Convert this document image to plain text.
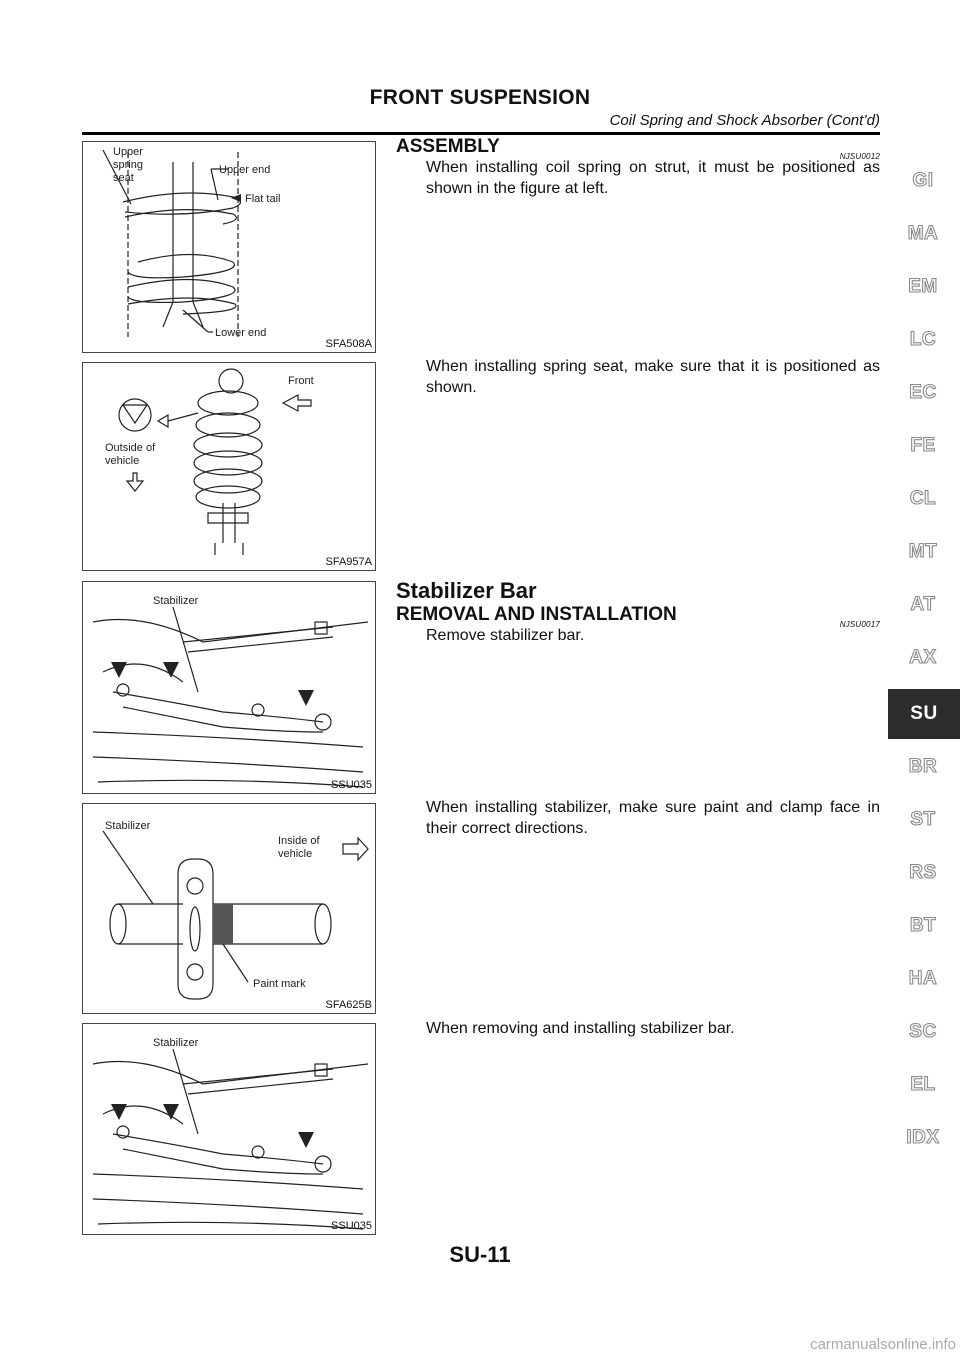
FRONT SUSPENSION
Coil Spring and Shock Absorber (Cont’d)
Upper
spring
seat
Upper end
Flat tail
Lower end
SFA508A
Front
Outside of
vehicle
SFA957A
Stabilizer
SSU035
Stabilizer
Inside of
vehicle
Paint mark
SFA625B
Stabilizer
SSU035
ASSEMBLY	NJSU0012
When installing coil spring on strut, it must be positioned as shown in the figure at left.
When installing spring seat, make sure that it is positioned as shown.
Stabilizer Bar
REMOVAL AND INSTALLATION	NJSU0017
Remove stabilizer bar.
When installing stabilizer, make sure paint and clamp face in their correct directions.
When removing and installing stabilizer bar.
GI
MA
EM
LC
EC
FE
CL
MT
AT
AX
SU
BR
ST
RS
BT
HA
SC
EL
IDX
SU-11
carmanualsonline.info
